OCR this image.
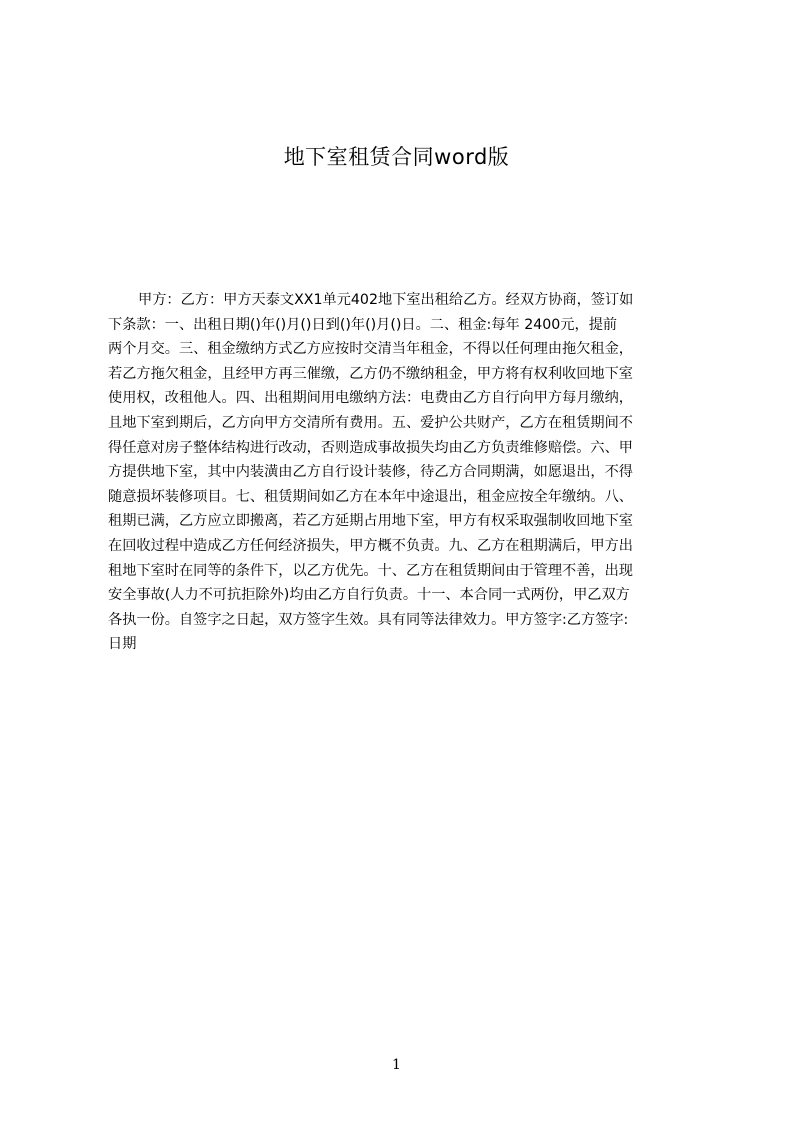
地下室租赁合同word版
甲方：乙方：甲方天泰文XX1单元402地下室出租给乙方。经双方协商，签订如
下条款：一、出租日期()年()月()日到()年()月()日。二、租金:每年 2400元，提前
两个月交。三、租金缴纳方式乙方应按时交清当年租金，不得以任何理由拖欠租金，
若乙方拖欠租金，且经甲方再三催缴，乙方仍不缴纳租金，甲方将有权利收回地下室
使用权，改租他人。四、出租期间用电缴纳方法：电费由乙方自行向甲方每月缴纳，
且地下室到期后，乙方向甲方交清所有费用。五、爱护公共财产，乙方在租赁期间不
得任意对房子整体结构进行改动，否则造成事故损失均由乙方负责维修赔偿。六、甲
方提供地下室，其中内装潢由乙方自行设计装修，待乙方合同期满，如愿退出，不得
随意损坏装修项目。七、租赁期间如乙方在本年中途退出，租金应按全年缴纳。八、
租期已满，乙方应立即搬离，若乙方延期占用地下室，甲方有权采取强制收回地下室
在回收过程中造成乙方任何经济损失，甲方概不负责。九、乙方在租期满后，甲方出
租地下室时在同等的条件下，以乙方优先。十、乙方在租赁期间由于管理不善，出现
安全事故(人力不可抗拒除外)均由乙方自行负责。十一、本合同一式两份，甲乙双方
各执一份。自签字之日起，双方签字生效。具有同等法律效力。甲方签字:乙方签字:
日期
1
